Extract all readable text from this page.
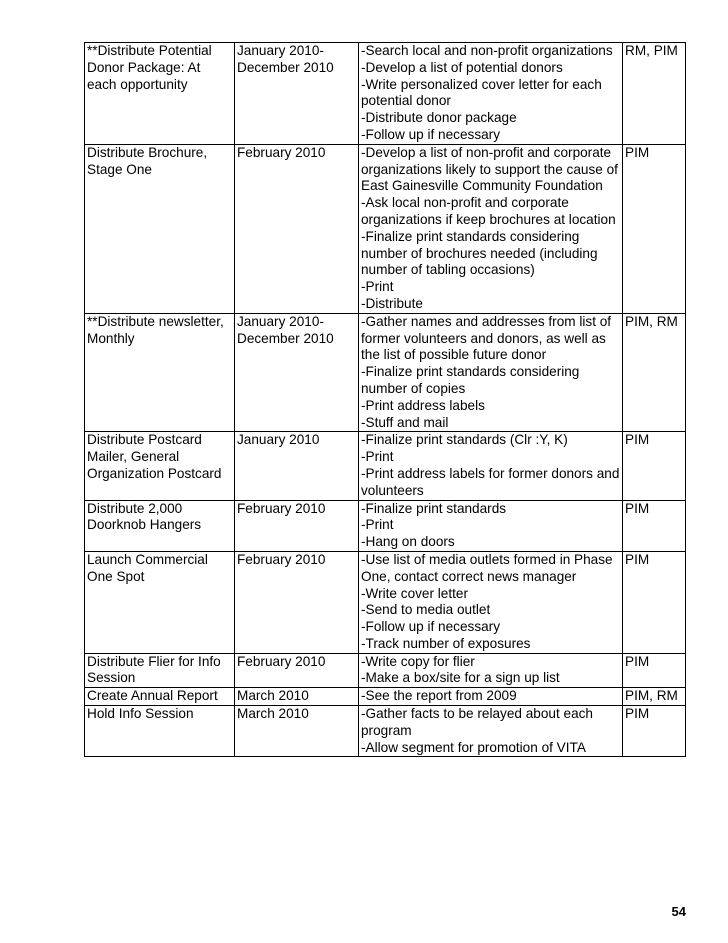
**Distribute Potential Donor Package: At each opportunity	January 2010- December 2010	-Search local and non-profit organizations
-Develop a list of potential donors
-Write personalized cover letter for each potential donor
-Distribute donor package
-Follow up if necessary	RM, PIM
Distribute Brochure, Stage One	February 2010	-Develop a list of non-profit and corporate organizations likely to support the cause of East Gainesville Community Foundation
-Ask local non-profit and corporate organizations if keep brochures at location
-Finalize print standards considering number of brochures needed (including number of tabling occasions)
-Print
-Distribute	PIM
**Distribute newsletter, Monthly	January 2010- December 2010	-Gather names and addresses from list of former volunteers and donors, as well as the list of possible future donor
-Finalize print standards considering number of copies
-Print address labels
-Stuff and mail	PIM, RM
Distribute Postcard Mailer, General Organization Postcard	January 2010	-Finalize print standards (Clr :Y, K)
-Print
-Print address labels for former donors and volunteers	PIM
Distribute 2,000 Doorknob Hangers	February 2010	-Finalize print standards
-Print
-Hang on doors	PIM
Launch Commercial One Spot	February 2010	-Use list of media outlets formed in Phase One, contact correct news manager
-Write cover letter
-Send to media outlet
-Follow up if necessary
-Track number of exposures	PIM
Distribute Flier for Info Session	February 2010	-Write copy for flier
-Make a box/site for a sign up list	PIM
Create Annual Report	March 2010	-See the report from 2009	PIM, RM
Hold Info Session	March 2010	-Gather facts to be relayed about each program
-Allow segment for promotion of VITA	PIM
54
